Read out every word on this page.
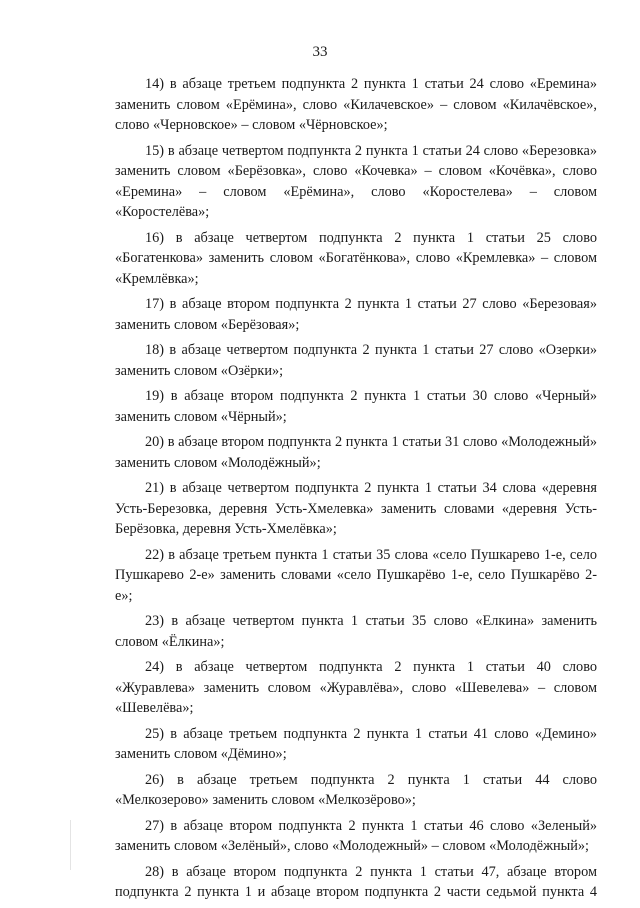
33

14) в абзаце третьем подпункта 2 пункта 1 статьи 24 слово «Еремина» заменить словом «Ерёмина», слово «Килачевское» – словом «Килачёвское», слово «Черновское» – словом «Чёрновское»;

15) в абзаце четвертом подпункта 2 пункта 1 статьи 24 слово «Березовка» заменить словом «Берёзовка», слово «Кочевка» – словом «Кочёвка», слово «Еремина» – словом «Ерёмина», слово «Коростелева» – словом «Коростелёва»;

16) в абзаце четвертом подпункта 2 пункта 1 статьи 25 слово «Богатенкова» заменить словом «Богатёнкова», слово «Кремлевка» – словом «Кремлёвка»;

17) в абзаце втором подпункта 2 пункта 1 статьи 27 слово «Березовая» заменить словом «Берёзовая»;

18) в абзаце четвертом подпункта 2 пункта 1 статьи 27 слово «Озерки» заменить словом «Озёрки»;

19) в абзаце втором подпункта 2 пункта 1 статьи 30 слово «Черный» заменить словом «Чёрный»;

20) в абзаце втором подпункта 2 пункта 1 статьи 31 слово «Молодежный» заменить словом «Молодёжный»;

21) в абзаце четвертом подпункта 2 пункта 1 статьи 34 слова «деревня Усть-Березовка, деревня Усть-Хмелевка» заменить словами «деревня Усть-Берёзовка, деревня Усть-Хмелёвка»;

22) в абзаце третьем пункта 1 статьи 35 слова «село Пушкарево 1-е, село Пушкарево 2-е» заменить словами «село Пушкарёво 1-е, село Пушкарёво 2-е»;

23) в абзаце четвертом пункта 1 статьи 35 слово «Елкина» заменить словом «Ёлкина»;

24) в абзаце четвертом подпункта 2 пункта 1 статьи 40 слово «Журавлева» заменить словом «Журавлёва», слово «Шевелева» – словом «Шевелёва»;

25) в абзаце третьем подпункта 2 пункта 1 статьи 41 слово «Демино» заменить словом «Дёмино»;

26) в абзаце третьем подпункта 2 пункта 1 статьи 44 слово «Мелкозерово» заменить словом «Мелкозёрово»;

27) в абзаце втором подпункта 2 пункта 1 статьи 46 слово «Зеленый» заменить словом «Зелёный», слово «Молодежный» – словом «Молодёжный»;

28) в абзаце втором подпункта 2 пункта 1 статьи 47, абзаце втором подпункта 2 пункта 1 и абзаце втором подпункта 2 части седьмой пункта 4
